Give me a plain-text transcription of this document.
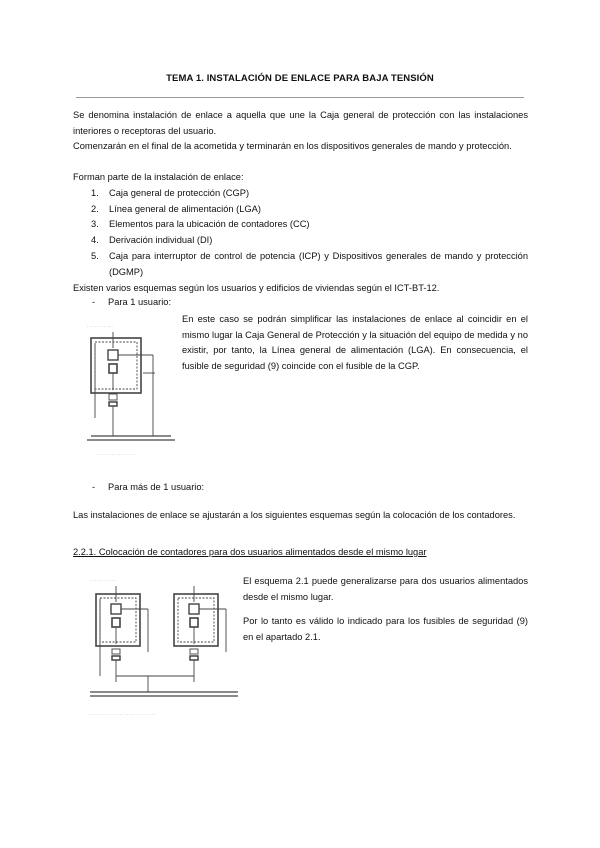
TEMA 1. INSTALACIÓN DE ENLACE PARA BAJA TENSIÓN
Se denomina instalación de enlace a aquella que une la Caja general de protección con las instalaciones interiores o receptoras del usuario.
Comenzarán en el final de la acometida y terminarán en los dispositivos generales de mando y protección.
Forman parte de la instalación de enlace:
1. Caja general de protección (CGP)
2. Línea general de alimentación (LGA)
3. Elementos para la ubicación de contadores (CC)
4. Derivación individual (DI)
5. Caja para interruptor de control de potencia (ICP) y Dispositivos generales de mando y protección (DGMP)
Existen varios esquemas según los usuarios y edificios de viviendas según el ICT-BT-12.
- Para 1 usuario:
· · · · · · · · · · ·
· · · · · · · · · · · · · · · ·
En este caso se podrán simplificar las instalaciones de enlace al coincidir en el mismo lugar la Caja General de Protección y la situación del equipo de medida y no existir, por tanto, la Línea general de alimentación (LGA). En consecuencia, el fusible de seguridad (9) coincide con el fusible de la CGP.
- Para más de 1 usuario:
Las instalaciones de enlace se ajustarán a los siguientes esquemas según la colocación de los contadores.
2.2.1. Colocación de contadores para dos usuarios alimentados desde el mismo lugar
· · · · · · · · · · ·
· · · · · · · · · · · · · · · · · · · · · · · · · · · ·
El esquema 2.1 puede generalizarse para dos usuarios alimentados desde el mismo lugar.
Por lo tanto es válido lo indicado para los fusibles de seguridad (9) en el apartado 2.1.
